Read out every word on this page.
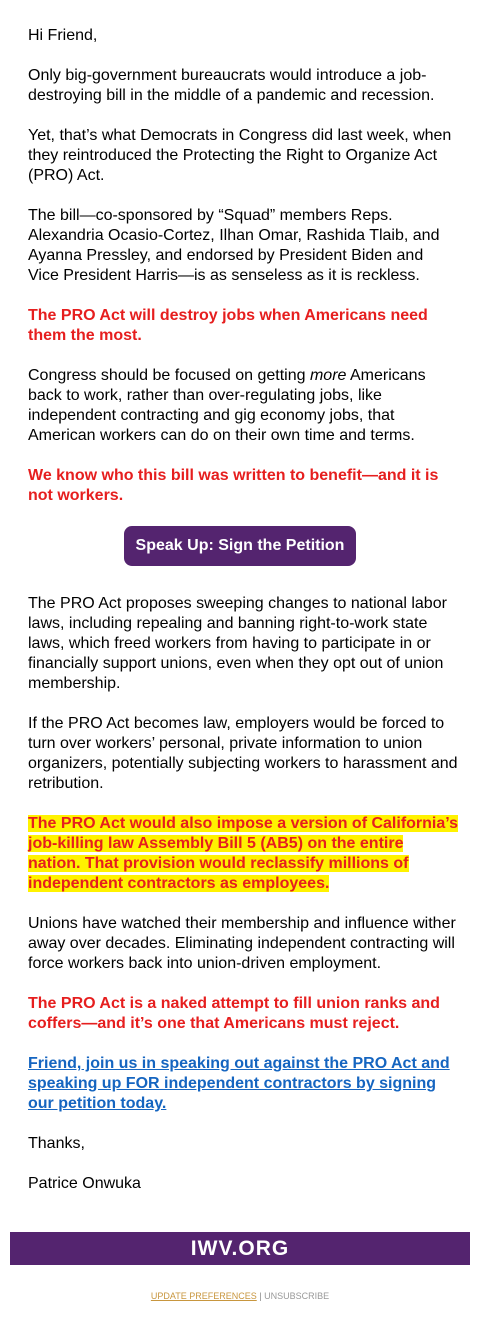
Hi Friend,

Only big-government bureaucrats would introduce a job-destroying bill in the middle of a pandemic and recession.

Yet, that’s what Democrats in Congress did last week, when they reintroduced the Protecting the Right to Organize Act (PRO) Act.

The bill—co-sponsored by “Squad” members Reps. Alexandria Ocasio-Cortez, Ilhan Omar, Rashida Tlaib, and Ayanna Pressley, and endorsed by President Biden and Vice President Harris—is as senseless as it is reckless.

The PRO Act will destroy jobs when Americans need them the most.

Congress should be focused on getting more Americans back to work, rather than over-regulating jobs, like independent contracting and gig economy jobs, that American workers can do on their own time and terms.

We know who this bill was written to benefit—and it is not workers.

Speak Up: Sign the Petition

The PRO Act proposes sweeping changes to national labor laws, including repealing and banning right-to-work state laws, which freed workers from having to participate in or financially support unions, even when they opt out of union membership.

If the PRO Act becomes law, employers would be forced to turn over workers’ personal, private information to union organizers, potentially subjecting workers to harassment and retribution.

The PRO Act would also impose a version of California’s job-killing law Assembly Bill 5 (AB5) on the entire nation. That provision would reclassify millions of independent contractors as employees.

Unions have watched their membership and influence wither away over decades. Eliminating independent contracting will force workers back into union-driven employment.

The PRO Act is a naked attempt to fill union ranks and coffers—and it’s one that Americans must reject.

Friend, join us in speaking out against the PRO Act and speaking up FOR independent contractors by signing our petition today.

Thanks,

Patrice Onwuka

IWV.ORG
UPDATE PREFERENCES | UNSUBSCRIBE
